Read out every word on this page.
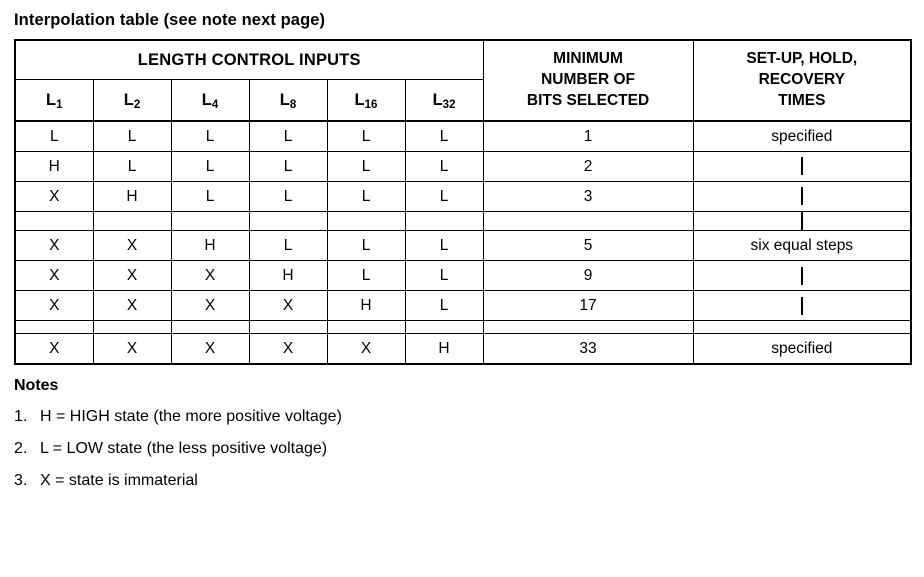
Interpolation table (see note next page)
LENGTH CONTROL INPUTS	MINIMUM
NUMBER OF
BITS SELECTED

SET-UP, HOLD,
RECOVERY
TIMES

$L_1$	$L_2$	$L_4$	$L_8$	$L_{16}$	$L_{32}$
L	L	L	L	L	L	1	specified
H	L	L	L	L	L	2	
X	H	L	L	L	L	3	

X	X	H	L	L	L	5	six equal steps
X	X	X	H	L	L	9	
X	X	X	X	H	L	17	

X	X	X	X	X	H	33	specified
Notes
1. H = HIGH state (the more positive voltage)
2. L = LOW state (the less positive voltage)
3. X = state is immaterial
